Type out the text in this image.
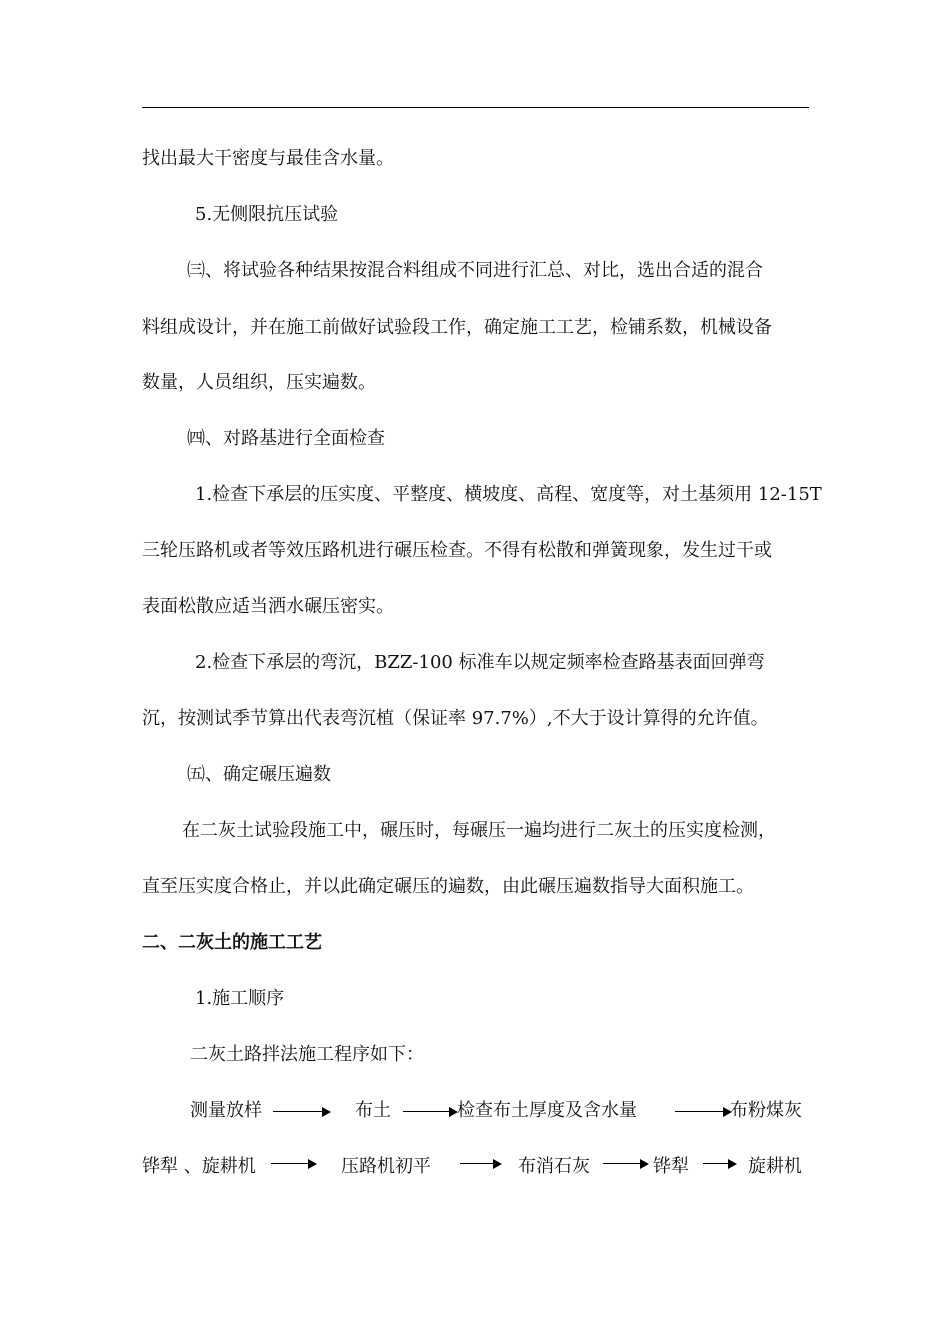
找出最大干密度与最佳含水量。
5.无侧限抗压试验
㈢、将试验各种结果按混合料组成不同进行汇总、对比，选出合适的混合
料组成设计，并在施工前做好试验段工作，确定施工工艺，检铺系数，机械设备
数量，人员组织，压实遍数。
㈣、对路基进行全面检查
1.检查下承层的压实度、平整度、横坡度、高程、宽度等，对土基须用 12-15T
三轮压路机或者等效压路机进行碾压检查。不得有松散和弹簧现象，发生过干或
表面松散应适当洒水碾压密实。
2.检查下承层的弯沉，BZZ-100 标准车以规定频率检查路基表面回弹弯
沉，按测试季节算出代表弯沉植（保证率 97.7%）,不大于设计算得的允许值。
㈤、确定碾压遍数
在二灰土试验段施工中，碾压时，每碾压一遍均进行二灰土的压实度检测，
直至压实度合格止，并以此确定碾压的遍数，由此碾压遍数指导大面积施工。
二、二灰土的施工工艺
1.施工顺序
二灰土路拌法施工程序如下：
测量放样	布土	检查布土厚度及含水量	布粉煤灰
铧犁 、旋耕机	压路机初平	布消石灰	铧犁	旋耕机
